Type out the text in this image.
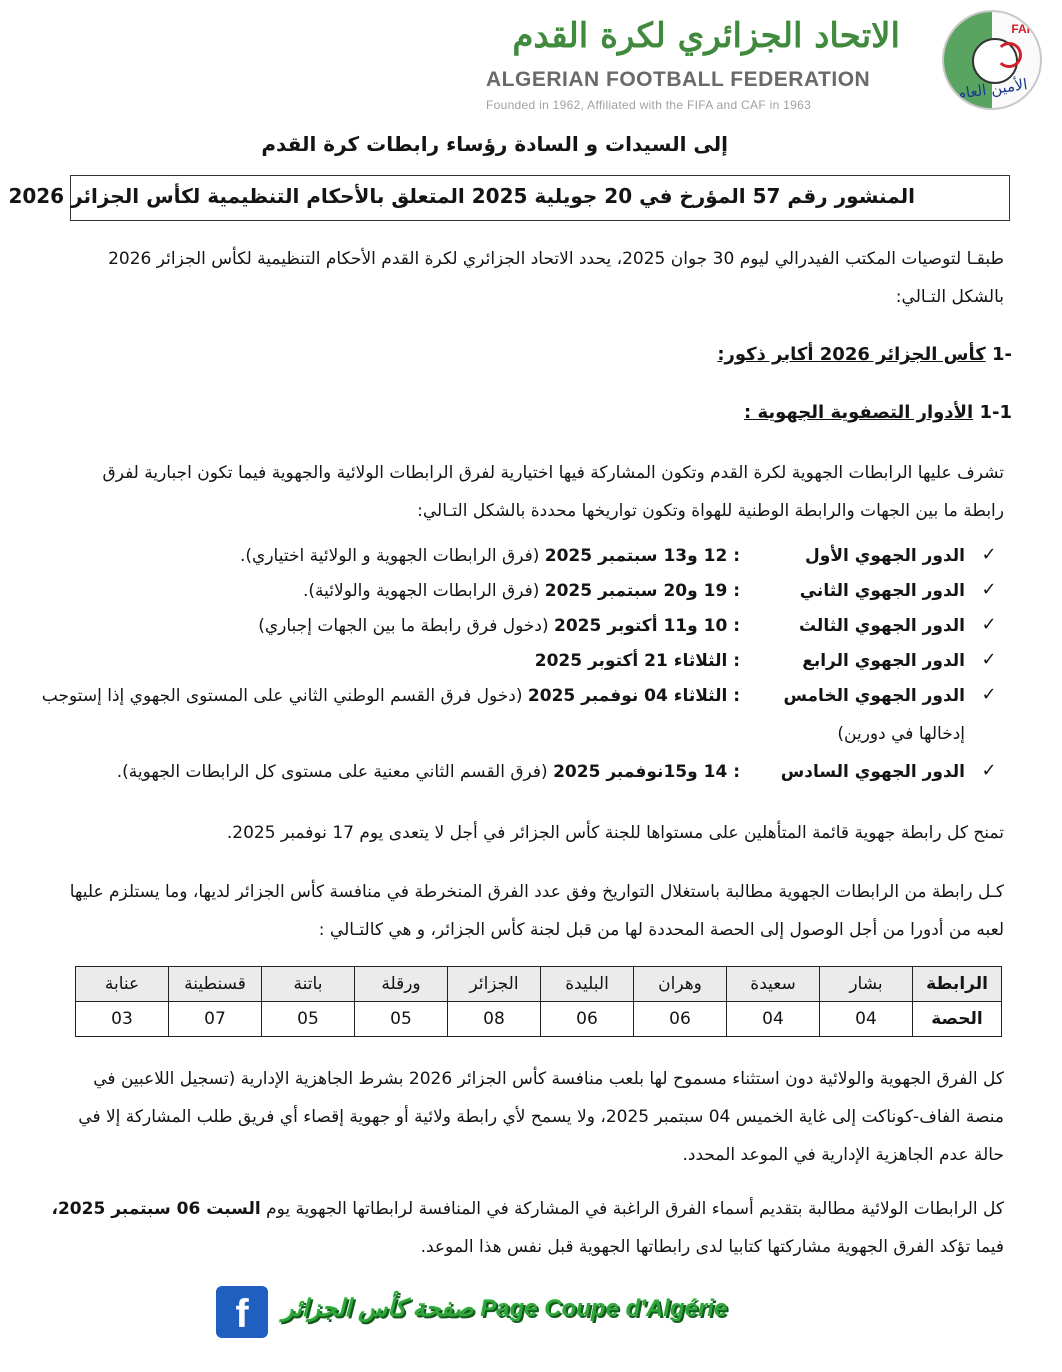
الاتحاد الجزائري لكرة القدم
ALGERIAN FOOTBALL FEDERATION
Founded in 1962, Affiliated with the FIFA and CAF in 1963
FAF
الأمين العام
إلى السيدات و السادة رؤساء رابطات كرة القدم
المنشور رقم 57 المؤرخ في 20 جويلية 2025 المتعلق بالأحكام التنظيمية لكأس الجزائر 2026
طبقـا لتوصيات المكتب الفيدرالي ليوم 30 جوان 2025، يحدد الاتحاد الجزائري لكرة القدم الأحكام التنظيمية لكأس الجزائر 2026
بالشكل التـالي:
-1 كأس الجزائر 2026 أكابر ذكور:
1-1 الأدوار التصفوية الجهوية :
تشرف عليها الرابطات الجهوية لكرة القدم وتكون المشاركة فيها اختيارية لفرق الرابطات الولائية والجهوية فيما تكون اجبارية لفرق
رابطة ما بين الجهات والرابطة الوطنية للهواة وتكون تواريخها محددة بالشكل التـالي:
✓
الدور الجهوي الأول
: 12 و13 سبتمبر 2025 (فرق الرابطات الجهوية و الولائية اختياري).
✓
الدور الجهوي الثاني
: 19 و20 سبتمبر 2025 (فرق الرابطات الجهوية والولائية).
✓
الدور الجهوي الثالث
: 10 و11 أكتوبر 2025 (دخول فرق رابطة ما بين الجهات إجباري)
✓
الدور الجهوي الرابع
: الثلاثاء 21 أكتوبر 2025
✓
الدور الجهوي الخامس
: الثلاثاء 04 نوفمبر 2025 (دخول فرق القسم الوطني الثاني على المستوى الجهوي إذا إستوجب
إدخالها في دورين)
✓
الدور الجهوي السادس
: 14 و15نوفمبر 2025 (فرق القسم الثاني معنية على مستوى كل الرابطات الجهوية).
تمنح كل رابطة جهوية قائمة المتأهلين على مستواها للجنة كأس الجزائر في أجل لا يتعدى يوم 17 نوفمبر 2025.
كـل رابطة من الرابطات الجهوية مطالبة باستغلال التواريخ وفق عدد الفرق المنخرطة في منافسة كأس الجزائر لديها، وما يستلزم عليها
لعبه من أدورا من أجل الوصول إلى الحصة المحددة لها من قبل لجنة كأس الجزائر، و هي كالتـالي :
الرابطة	بشار	سعيدة	وهران	البليدة	الجزائر	ورقلة	باتنة	قسنطينة	عنابة
الحصة	04	04	06	06	08	05	05	07	03
كل الفرق الجهوية والولائية دون استثناء مسموح لها بلعب منافسة كأس الجزائر 2026 بشرط الجاهزية الإدارية (تسجيل اللاعبين في
منصة الفاف-كوناكت إلى غاية الخميس 04 سبتمبر 2025، ولا يسمح لأي رابطة ولائية أو جهوية إقصاء أي فريق طلب المشاركة إلا في
حالة عدم الجاهزية الإدارية في الموعد المحدد.
كل الرابطات الولائية مطالبة بتقديم أسماء الفرق الراغبة في المشاركة في المنافسة لرابطاتها الجهوية يوم السبت 06 سبتمبر 2025،
فيما تؤكد الفرق الجهوية مشاركتها كتابيا لدى رابطاتها الجهوية قبل نفس هذا الموعد.
f	صفحة كأس الجزائر Page Coupe d'Algérie
